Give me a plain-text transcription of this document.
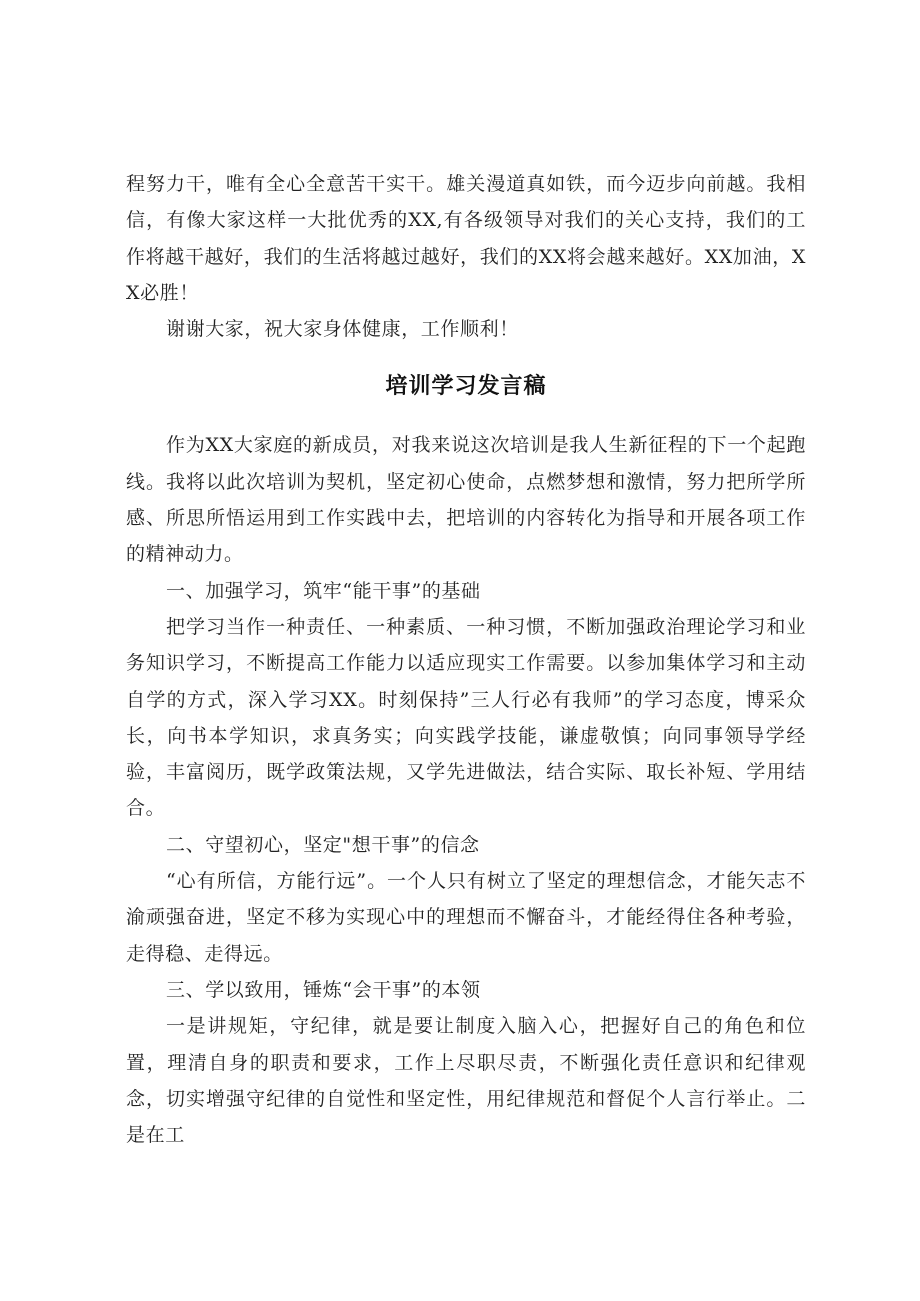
程努力干，唯有全心全意苦干实干。雄关漫道真如铁，而今迈步向前越。我相信，有像大家这样一大批优秀的XX,有各级领导对我们的关心支持，我们的工作将越干越好，我们的生活将越过越好，我们的XX将会越来越好。XX加油，XX必胜！

谢谢大家，祝大家身体健康，工作顺利！

培训学习发言稿

作为XX大家庭的新成员，对我来说这次培训是我人生新征程的下一个起跑线。我将以此次培训为契机，坚定初心使命，点燃梦想和激情，努力把所学所感、所思所悟运用到工作实践中去，把培训的内容转化为指导和开展各项工作的精神动力。

一、加强学习，筑牢“能干事”的基础

把学习当作一种责任、一种素质、一种习惯，不断加强政治理论学习和业务知识学习，不断提高工作能力以适应现实工作需要。以参加集体学习和主动自学的方式，深入学习XX。时刻保持”三人行必有我师”的学习态度，博采众长，向书本学知识，求真务实；向实践学技能，谦虚敬慎；向同事领导学经验，丰富阅历，既学政策法规，又学先进做法，结合实际、取长补短、学用结合。

二、守望初心，坚定"想干事”的信念

“心有所信，方能行远”。一个人只有树立了坚定的理想信念，才能矢志不渝顽强奋进，坚定不移为实现心中的理想而不懈奋斗，才能经得住各种考验，走得稳、走得远。

三、学以致用，锤炼“会干事”的本领

一是讲规矩，守纪律，就是要让制度入脑入心，把握好自己的角色和位置，理清自身的职责和要求，工作上尽职尽责，不断强化责任意识和纪律观念，切实增强守纪律的自觉性和坚定性，用纪律规范和督促个人言行举止。二是在工
